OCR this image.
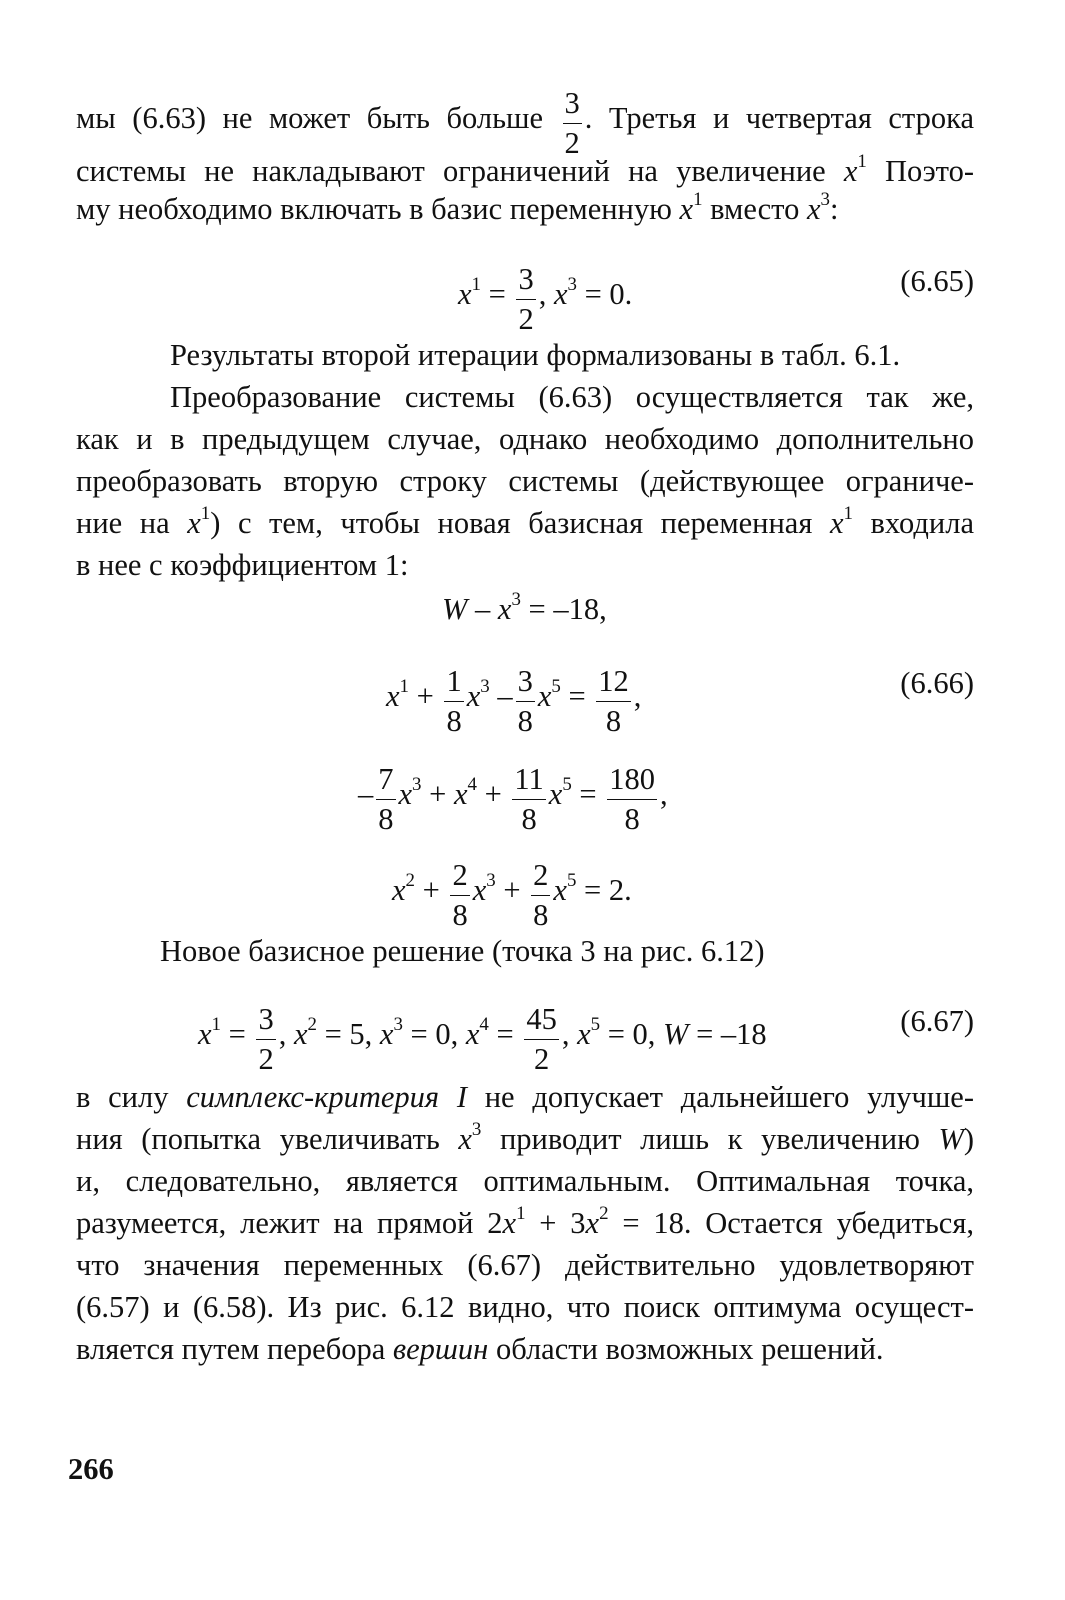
мы (6.63) не может быть больше $\frac{3}{2}$ . Третья и четвертая строка
системы не накладывают ограничений на увеличение $x^1$ Поэто-
му необходимо включать в базис переменную $x^1$ вместо $x^3$:
$x^1 = \frac{3}{2}$ , $x^3 = 0$.	(6.65)
Результаты второй итерации формализованы в табл. 6.1.
Преобразование системы (6.63) осуществляется так же,
как и в предыдущем случае, однако необходимо дополнительно
преобразовать вторую строку системы (действующее ограниче-
ние на $x^1$) с тем, чтобы новая базисная переменная $x^1$ входила
в нее с коэффициентом 1:
$W - x^3 = -18$,
$x^1 + \frac{1}{8} x^3 - \frac{3}{8} x^5 = \frac{12}{8}$ ,	(6.66)
– $\frac{7}{8} x^3 + x^4 + \frac{11}{8} x^5 = \frac{180}{8}$ ,
$x^2 + \frac{2}{8} x^3 + \frac{2}{8} x^5 = 2$.
Новое базисное решение (точка 3 на рис. 6.12)
$x^1 = \frac{3}{2}$ , $x^2 = 5$, $x^3 = 0$, $x^4 = \frac{45}{2}$ , $x^5 = 0$, W = –18	(6.67)
в силу симплекс-критерия I не допускает дальнейшего улучше-
ния (попытка увеличивать $x^3$ приводит лишь к увеличению W)
и, следовательно, является оптимальным. Оптимальная точка,
разумеется, лежит на прямой $2x^1 + 3x^2 = 18$. Остается убедиться,
что значения переменных (6.67) действительно удовлетворяют
(6.57) и (6.58). Из рис. 6.12 видно, что поиск оптимума осущест-
вляется путем перебора вершин области возможных решений.
266
